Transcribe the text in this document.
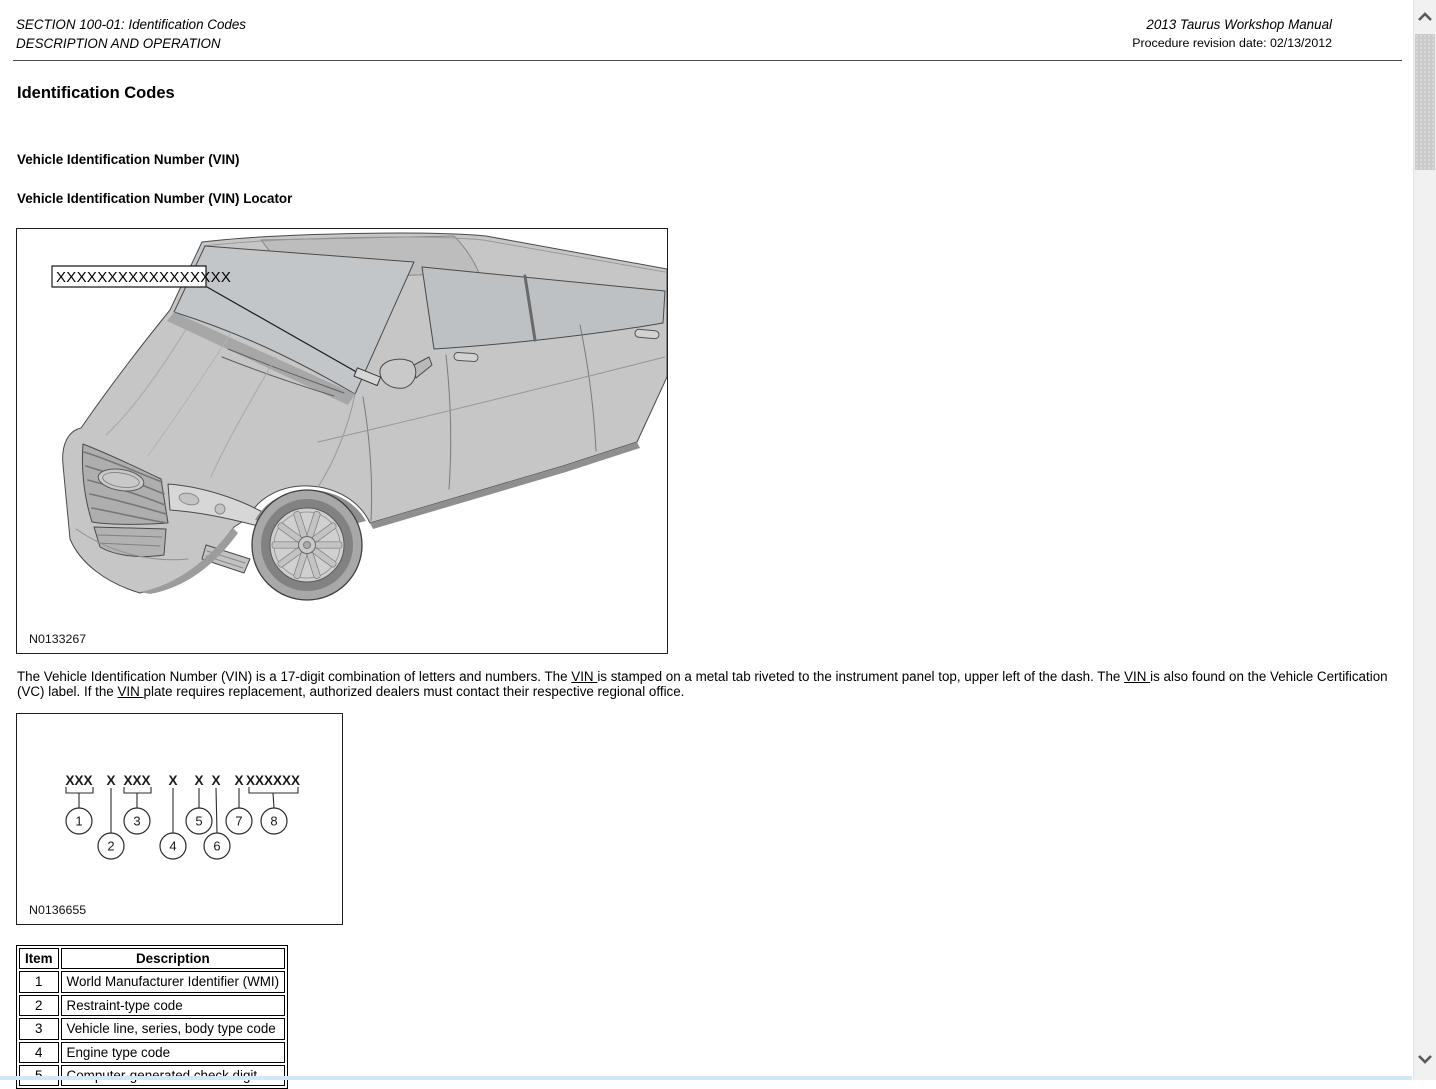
SECTION 100-01: Identification Codes
DESCRIPTION AND OPERATION
2013 Taurus Workshop Manual
Procedure revision date: 02/13/2012
Identification Codes
Vehicle Identification Number (VIN)
Vehicle Identification Number (VIN) Locator
XXXXXXXXXXXXXXXXX
N0133267

The Vehicle Identification Number (VIN) is a 17-digit combination of letters and numbers. The VIN is stamped on a metal tab riveted to the instrument panel top, upper left of the dash. The VIN is also found on the Vehicle Certification
(VC) label. If the VIN plate requires replacement, authorized dealers must contact their respective regional office.

XXX
1
X
2
XXX
3
X
4
X
5
X
6
X
7
XXXXXX
8
N0136655
Item	Description
1	World Manufacturer Identifier (WMI)
2	Restraint-type code
3	Vehicle line, series, body type code
4	Engine type code
